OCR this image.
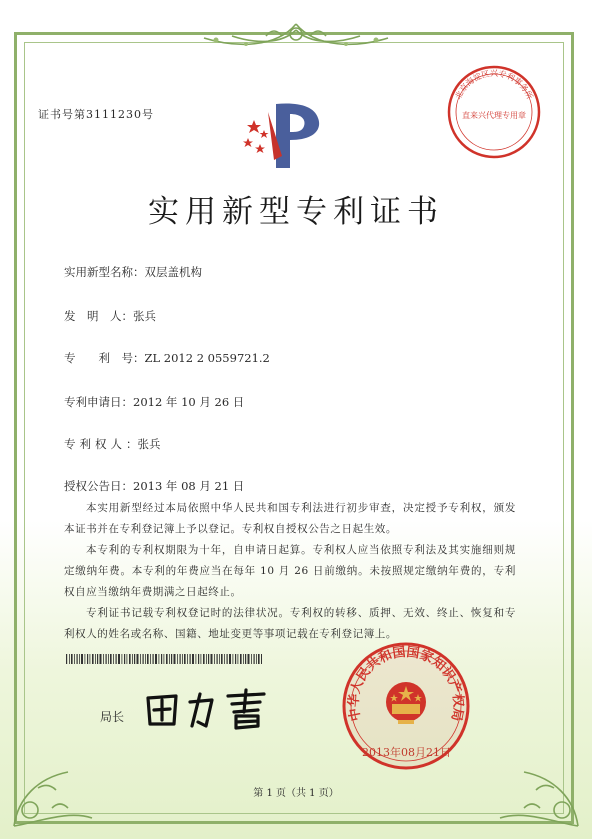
证书号第3111230号
北京海淀区兴专利事务所
直来兴代理专用章
实用新型专利证书
实用新型名称：双层盖机构
发　明　人：张兵
专　　利　号：ZL 2012 2 0559721.2
专利申请日：2012 年 10 月 26 日
专利权人：张兵
授权公告日：2013 年 08 月 21 日

本实用新型经过本局依照中华人民共和国专利法进行初步审查，决定授予专利权，颁发本证书并在专利登记簿上予以登记。专利权自授权公告之日起生效。

本专利的专利权期限为十年，自申请日起算。专利权人应当依照专利法及其实施细则规定缴纳年费。本专利的年费应当在每年 10 月 26 日前缴纳。未按照规定缴纳年费的，专利权自应当缴纳年费期满之日起终止。

专利证书记载专利权登记时的法律状况。专利权的转移、质押、无效、终止、恢复和专利权人的姓名或名称、国籍、地址变更等事项记载在专利登记簿上。

局长	中华人民共和国国家知识产权局
2013年08月21日
第 1 页（共 1 页）
